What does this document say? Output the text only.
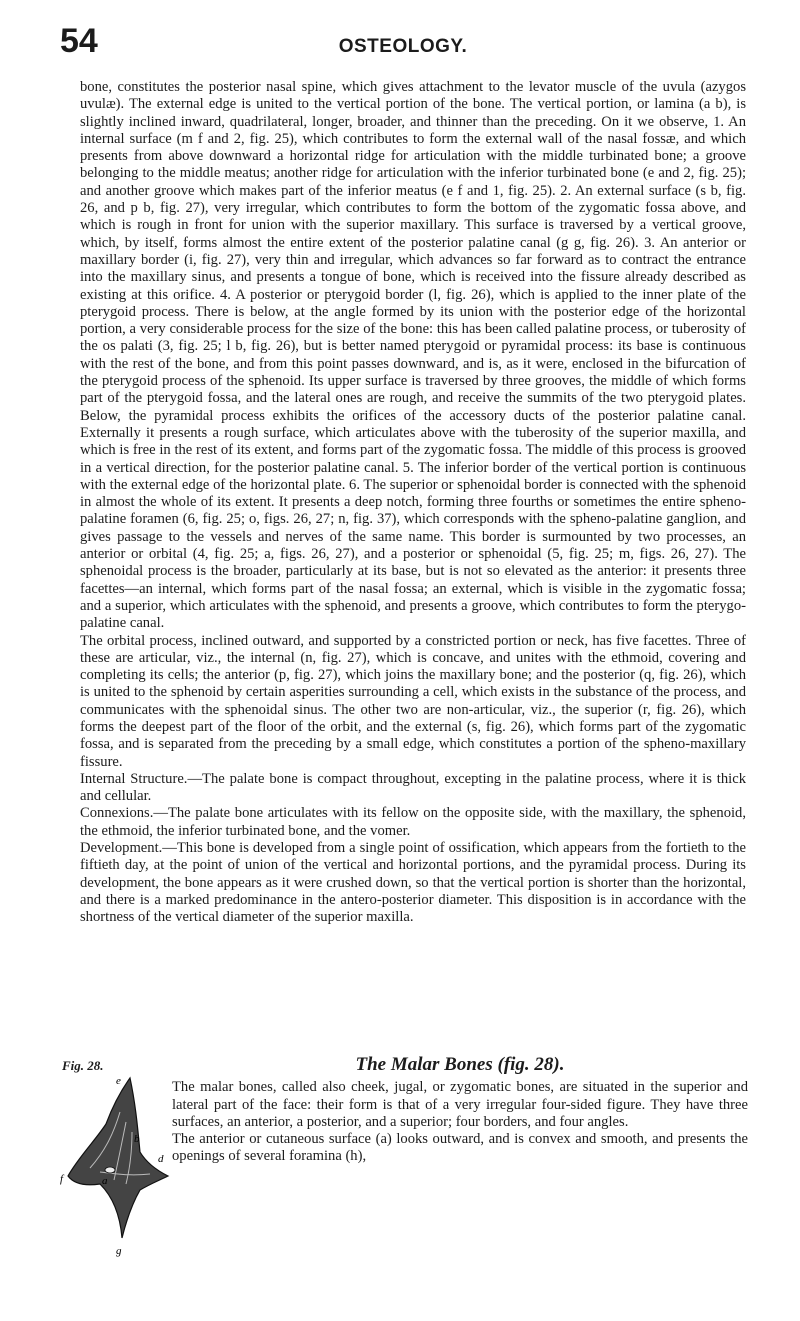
54	OSTEOLOGY.

bone, constitutes the posterior nasal spine, which gives attachment to the levator muscle of the uvula (azygos uvulæ). The external edge is united to the vertical portion of the bone. The vertical portion, or lamina (a b), is slightly inclined inward, quadrilateral, longer, broader, and thinner than the preceding. On it we observe, 1. An internal surface (m f and 2, fig. 25), which contributes to form the external wall of the nasal fossæ, and which presents from above downward a horizontal ridge for articulation with the middle turbinated bone; a groove belonging to the middle meatus; another ridge for articulation with the inferior turbinated bone (e and 2, fig. 25); and another groove which makes part of the inferior meatus (e f and 1, fig. 25). 2. An external surface (s b, fig. 26, and p b, fig. 27), very irregular, which contributes to form the bottom of the zygomatic fossa above, and which is rough in front for union with the superior maxillary. This surface is traversed by a vertical groove, which, by itself, forms almost the entire extent of the posterior palatine canal (g g, fig. 26). 3. An anterior or maxillary border (i, fig. 27), very thin and irregular, which advances so far forward as to contract the entrance into the maxillary sinus, and presents a tongue of bone, which is received into the fissure already described as existing at this orifice. 4. A posterior or pterygoid border (l, fig. 26), which is applied to the inner plate of the pterygoid process. There is below, at the angle formed by its union with the posterior edge of the horizontal portion, a very considerable process for the size of the bone: this has been called palatine process, or tuberosity of the os palati (3, fig. 25; l b, fig. 26), but is better named pterygoid or pyramidal process: its base is continuous with the rest of the bone, and from this point passes downward, and is, as it were, enclosed in the bifurcation of the pterygoid process of the sphenoid. Its upper surface is traversed by three grooves, the middle of which forms part of the pterygoid fossa, and the lateral ones are rough, and receive the summits of the two pterygoid plates. Below, the pyramidal process exhibits the orifices of the accessory ducts of the posterior palatine canal. Externally it presents a rough surface, which articulates above with the tuberosity of the superior maxilla, and which is free in the rest of its extent, and forms part of the zygomatic fossa. The middle of this process is grooved in a vertical direction, for the posterior palatine canal. 5. The inferior border of the vertical portion is continuous with the external edge of the horizontal plate. 6. The superior or sphenoidal border is connected with the sphenoid in almost the whole of its extent. It presents a deep notch, forming three fourths or sometimes the entire spheno-palatine foramen (6, fig. 25; o, figs. 26, 27; n, fig. 37), which corresponds with the spheno-palatine ganglion, and gives passage to the vessels and nerves of the same name. This border is surmounted by two processes, an anterior or orbital (4, fig. 25; a, figs. 26, 27), and a posterior or sphenoidal (5, fig. 25; m, figs. 26, 27). The sphenoidal process is the broader, particularly at its base, but is not so elevated as the anterior: it presents three facettes—an internal, which forms part of the nasal fossa; an external, which is visible in the zygomatic fossa; and a superior, which articulates with the sphenoid, and presents a groove, which contributes to form the pterygo-palatine canal.

The orbital process, inclined outward, and supported by a constricted portion or neck, has five facettes. Three of these are articular, viz., the internal (n, fig. 27), which is concave, and unites with the ethmoid, covering and completing its cells; the anterior (p, fig. 27), which joins the maxillary bone; and the posterior (q, fig. 26), which is united to the sphenoid by certain asperities surrounding a cell, which exists in the substance of the process, and communicates with the sphenoidal sinus. The other two are non-articular, viz., the superior (r, fig. 26), which forms the deepest part of the floor of the orbit, and the external (s, fig. 26), which forms part of the zygomatic fossa, and is separated from the preceding by a small edge, which constitutes a portion of the spheno-maxillary fissure.

Internal Structure.—The palate bone is compact throughout, excepting in the palatine process, where it is thick and cellular.

Connexions.—The palate bone articulates with its fellow on the opposite side, with the maxillary, the sphenoid, the ethmoid, the inferior turbinated bone, and the vomer.

Development.—This bone is developed from a single point of ossification, which appears from the fortieth to the fiftieth day, at the point of union of the vertical and horizontal portions, and the pyramidal process. During its development, the bone appears as it were crushed down, so that the vertical portion is shorter than the horizontal, and there is a marked predominance in the antero-posterior diameter. This disposition is in accordance with the shortness of the vertical diameter of the superior maxilla.

Fig. 28.
e
b
f	a
d
g
The Malar Bones (fig. 28).

The malar bones, called also cheek, jugal, or zygomatic bones, are situated in the superior and lateral part of the face: their form is that of a very irregular four-sided figure. They have three surfaces, an anterior, a posterior, and a superior; four borders, and four angles.

The anterior or cutaneous surface (a) looks outward, and is convex and smooth, and presents the openings of several foramina (h),
